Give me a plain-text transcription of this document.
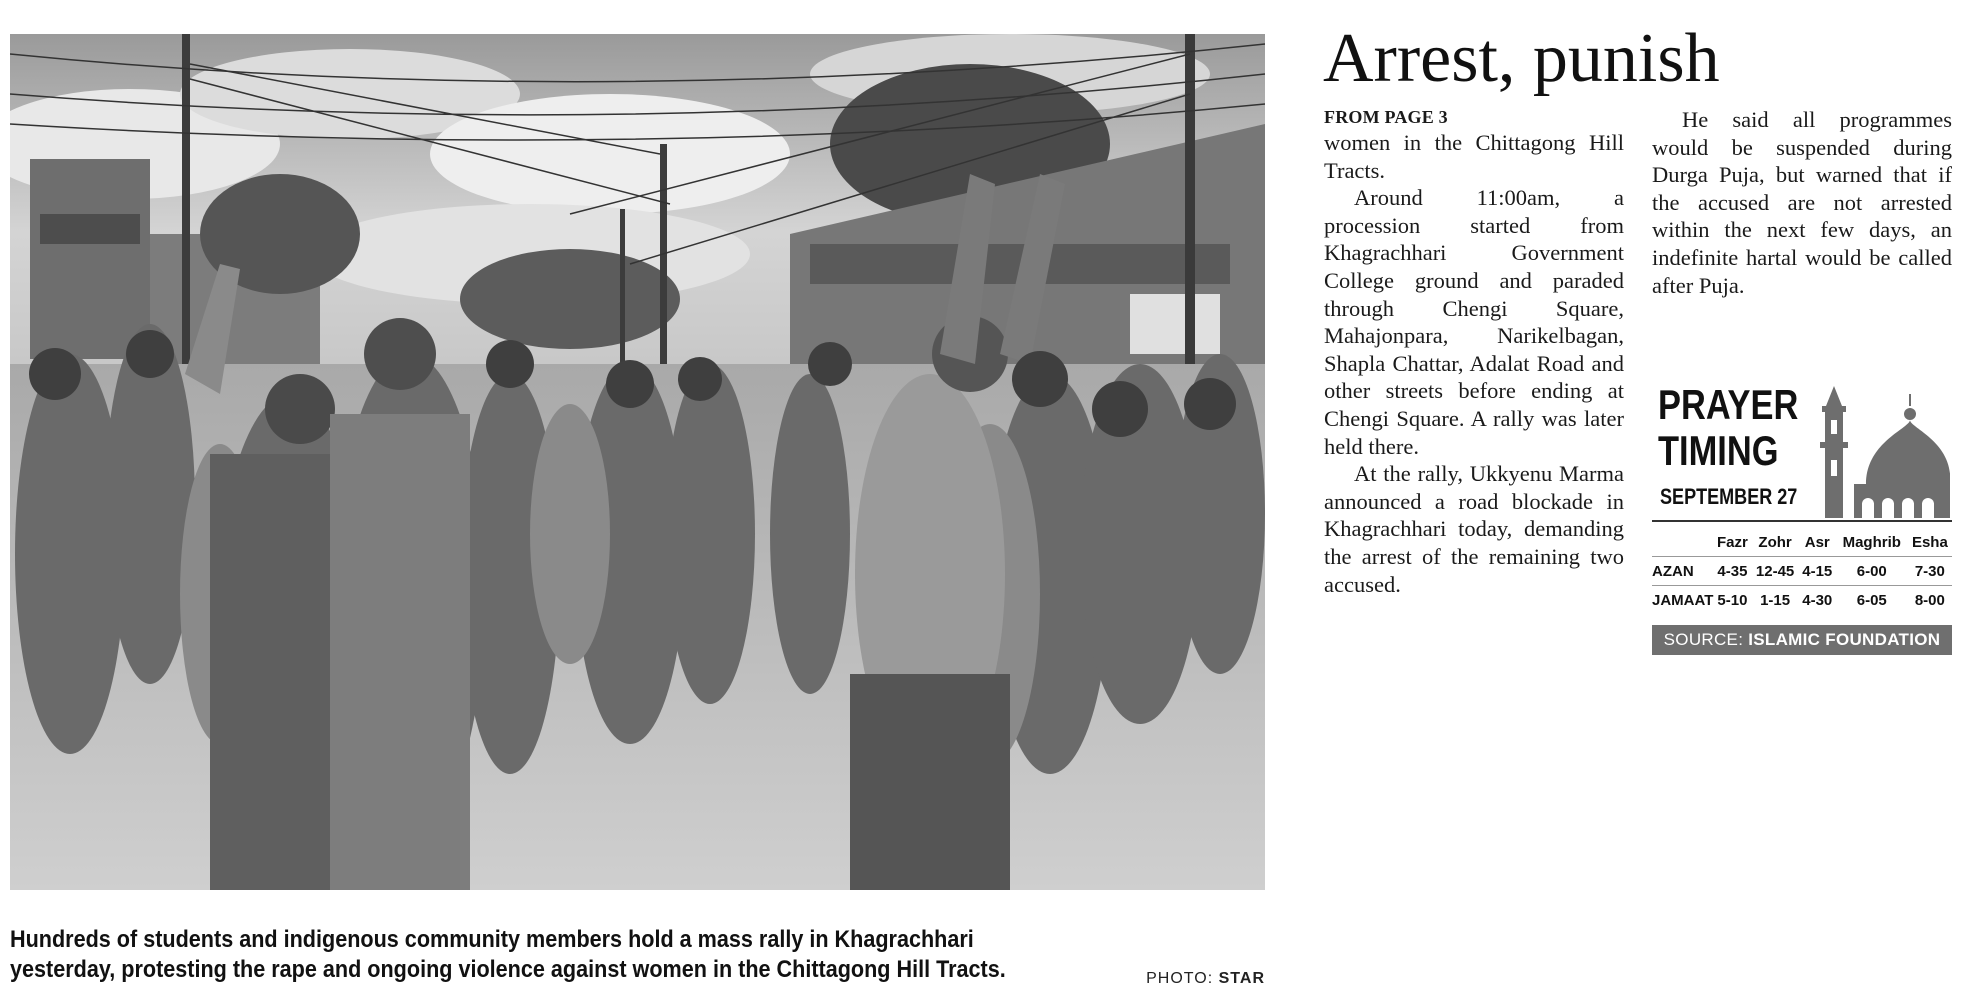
Hundreds of students and indigenous community members hold a mass rally in Khagrachhari yesterday, protesting the rape and ongoing violence against women in the Chittagong Hill Tracts.	PHOTO: STAR
Arrest, punish
FROM PAGE 3

women in the Chittagong Hill Tracts.

Around 11:00am, a procession started from Khagrachhari Government College ground and paraded through Chengi Square, Mahajonpara, Narikelbagan, Shapla Chattar, Adalat Road and other streets before ending at Chengi Square. A rally was later held there.

At the rally, Ukkyenu Marma announced a road blockade in Khagrachhari today, demanding the arrest of the remaining two accused.

He said all programmes would be suspended during Durga Puja, but warned that if the accused are not arrested within the next few days, an indefinite hartal would be called after Puja.

PRAYER
TIMING
SEPTEMBER 27
	Fazr	Zohr	Asr	Maghrib	Esha
AZAN	4-35	12-45	4-15	6-00	7-30
JAMAAT	5-10	1-15	4-30	6-05	8-00
SOURCE: ISLAMIC FOUNDATION
